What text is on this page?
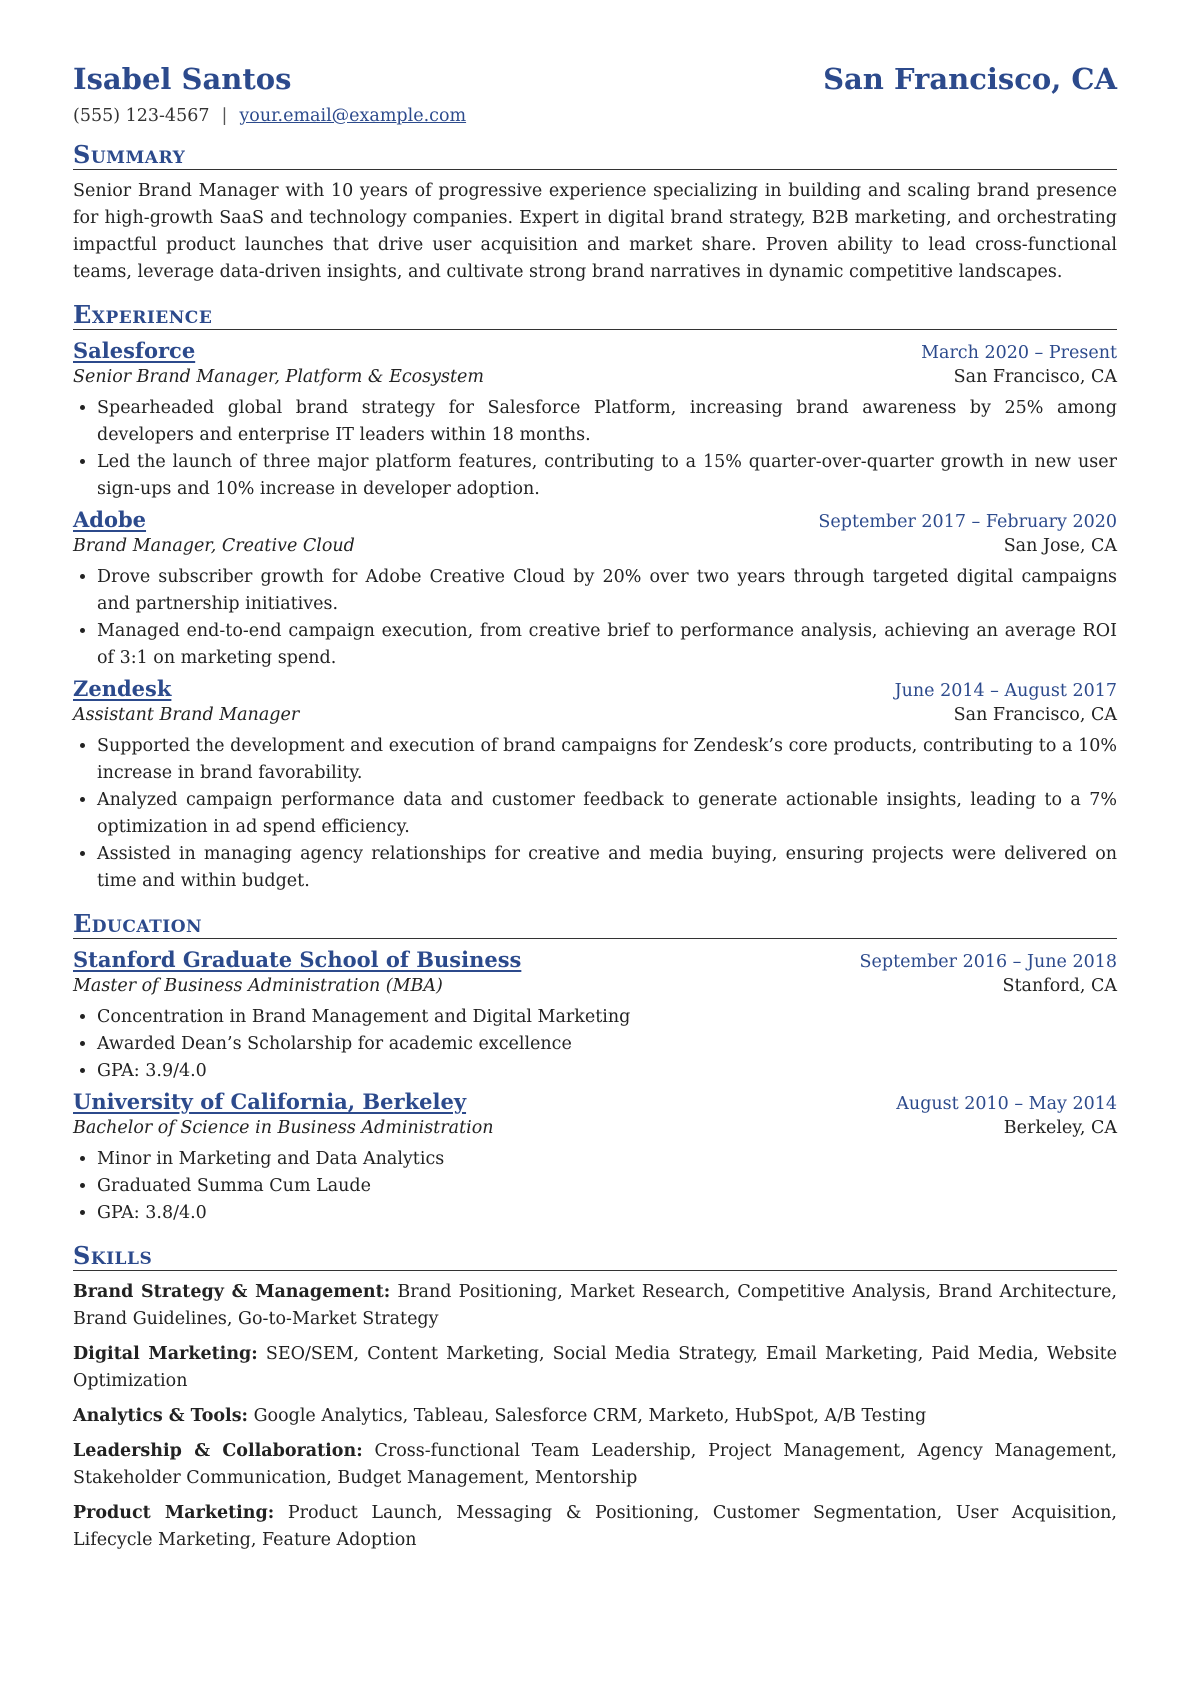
Isabel Santos	San Francisco, CA
(555) 123-4567 | your.email@example.com
Summary
Senior Brand Manager with 10 years of progressive experience specializing in building and scaling brand presence for high-growth SaaS and technology companies. Expert in digital brand strategy, B2B marketing, and orchestrating impactful product launches that drive user acquisition and market share. Proven ability to lead cross-functional teams, leverage data-driven insights, and cultivate strong brand narratives in dynamic competitive landscapes.
Experience
Salesforce	March 2020 – Present
Senior Brand Manager, Platform & Ecosystem	San Francisco, CA
• Spearheaded global brand strategy for Salesforce Platform, increasing brand awareness by 25% among developers and enterprise IT leaders within 18 months.
• Led the launch of three major platform features, contributing to a 15% quarter-over-quarter growth in new user sign-ups and 10% increase in developer adoption.
Adobe	September 2017 – February 2020
Brand Manager, Creative Cloud	San Jose, CA
• Drove subscriber growth for Adobe Creative Cloud by 20% over two years through targeted digital campaigns and partnership initiatives.
• Managed end-to-end campaign execution, from creative brief to performance analysis, achieving an average ROI of 3:1 on marketing spend.
Zendesk	June 2014 – August 2017
Assistant Brand Manager	San Francisco, CA
• Supported the development and execution of brand campaigns for Zendesk’s core products, contributing to a 10% increase in brand favorability.
• Analyzed campaign performance data and customer feedback to generate actionable insights, leading to a 7% optimization in ad spend efficiency.
• Assisted in managing agency relationships for creative and media buying, ensuring projects were delivered on time and within budget.
Education
Stanford Graduate School of Business	September 2016 – June 2018
Master of Business Administration (MBA)	Stanford, CA
• Concentration in Brand Management and Digital Marketing
• Awarded Dean’s Scholarship for academic excellence
• GPA: 3.9/4.0
University of California, Berkeley	August 2010 – May 2014
Bachelor of Science in Business Administration	Berkeley, CA
• Minor in Marketing and Data Analytics
• Graduated Summa Cum Laude
• GPA: 3.8/4.0
Skills
Brand Strategy & Management: Brand Positioning, Market Research, Competitive Analysis, Brand Architecture, Brand Guidelines, Go-to-Market Strategy
Digital Marketing: SEO/SEM, Content Marketing, Social Media Strategy, Email Marketing, Paid Media, Website Optimization
Analytics & Tools: Google Analytics, Tableau, Salesforce CRM, Marketo, HubSpot, A/B Testing
Leadership & Collaboration: Cross-functional Team Leadership, Project Management, Agency Management, Stakeholder Communication, Budget Management, Mentorship
Product Marketing: Product Launch, Messaging & Positioning, Customer Segmentation, User Acquisition, Lifecycle Marketing, Feature Adoption
